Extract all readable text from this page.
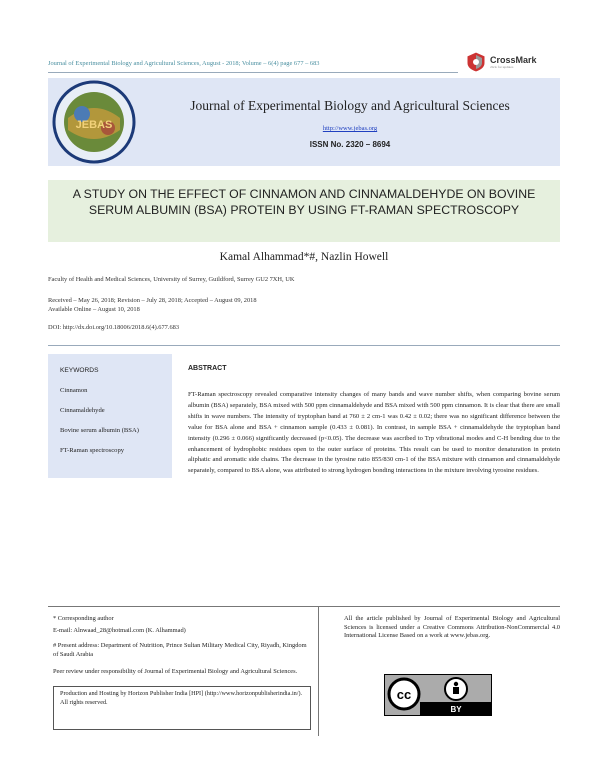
Journal of Experimental Biology and Agricultural Sciences, August - 2018; Volume – 6(4) page 677 – 683	CrossMark
click for updates
JEBAS
Journal of Experimental Biology and Agricultural Sciences
http://www.jebas.org
ISSN No. 2320 – 8694
A STUDY ON THE EFFECT OF CINNAMON AND CINNAMALDEHYDE ON BOVINE SERUM ALBUMIN (BSA) PROTEIN BY USING FT-RAMAN SPECTROSCOPY
Kamal Alhammad*#, Nazlin Howell
Faculty of Health and Medical Sciences, University of Surrey, Guildford, Surrey GU2 7XH, UK
Received – May 26, 2018; Revision – July 28, 2018; Accepted – August 09, 2018
Available Online – August 10, 2018
DOI: http://dx.doi.org/10.18006/2018.6(4).677.683
KEYWORDS
Cinnamon
Cinnamaldehyde
Bovine serum albumin (BSA)
FT-Raman spectroscopy
ABSTRACT
FT-Raman spectroscopy revealed comparative intensity changes of many bands and wave number shifts, when comparing bovine serum albumin (BSA) separately, BSA mixed with 500 ppm cinnamaldehyde and BSA mixed with 500 ppm cinnamon. It is clear that there are small shifts in wave numbers. The intensity of tryptophan band at 760 ± 2 cm-1 was 0.42 ± 0.02; there was no significant difference between the value for BSA alone and BSA + cinnamon sample (0.433 ± 0.081). In contrast, in sample BSA + cinnamaldehyde the tryptophan band intensity (0.296 ± 0.066) significantly decreased (p<0.05). The decrease was ascribed to Trp vibrational modes and C-H bending due to the enhancement of hydrophobic residues open to the outer surface of proteins. This result can be used to monitor denaturation in protein aliphatic and aromatic side chains. The decrease in the tyrosine ratio 855/830 cm-1 of the BSA mixture with cinnamon and cinnamaldehyde separately, compared to BSA alone, was attributed to strong hydrogen bonding interactions in the mixture involving tyrosine residues.
* Corresponding author
E-mail: Alnwaad_28@hotmail.com (K. Alhammad)
# Present address: Department of Nutrition, Prince Sultan Military Medical City, Riyadh, Kingdom of Saudi Arabia
Peer review under responsibility of Journal of Experimental Biology and Agricultural Sciences.
Production and Hosting by Horizon Publisher India [HPI] (http://www.horizonpublisherindia.in/). All rights reserved.
All the article published by Journal of Experimental Biology and Agricultural Sciences is licensed under a Creative Commons Attribution-NonCommercial 4.0 International License Based on a work at www.jebas.org.
cc
BY
